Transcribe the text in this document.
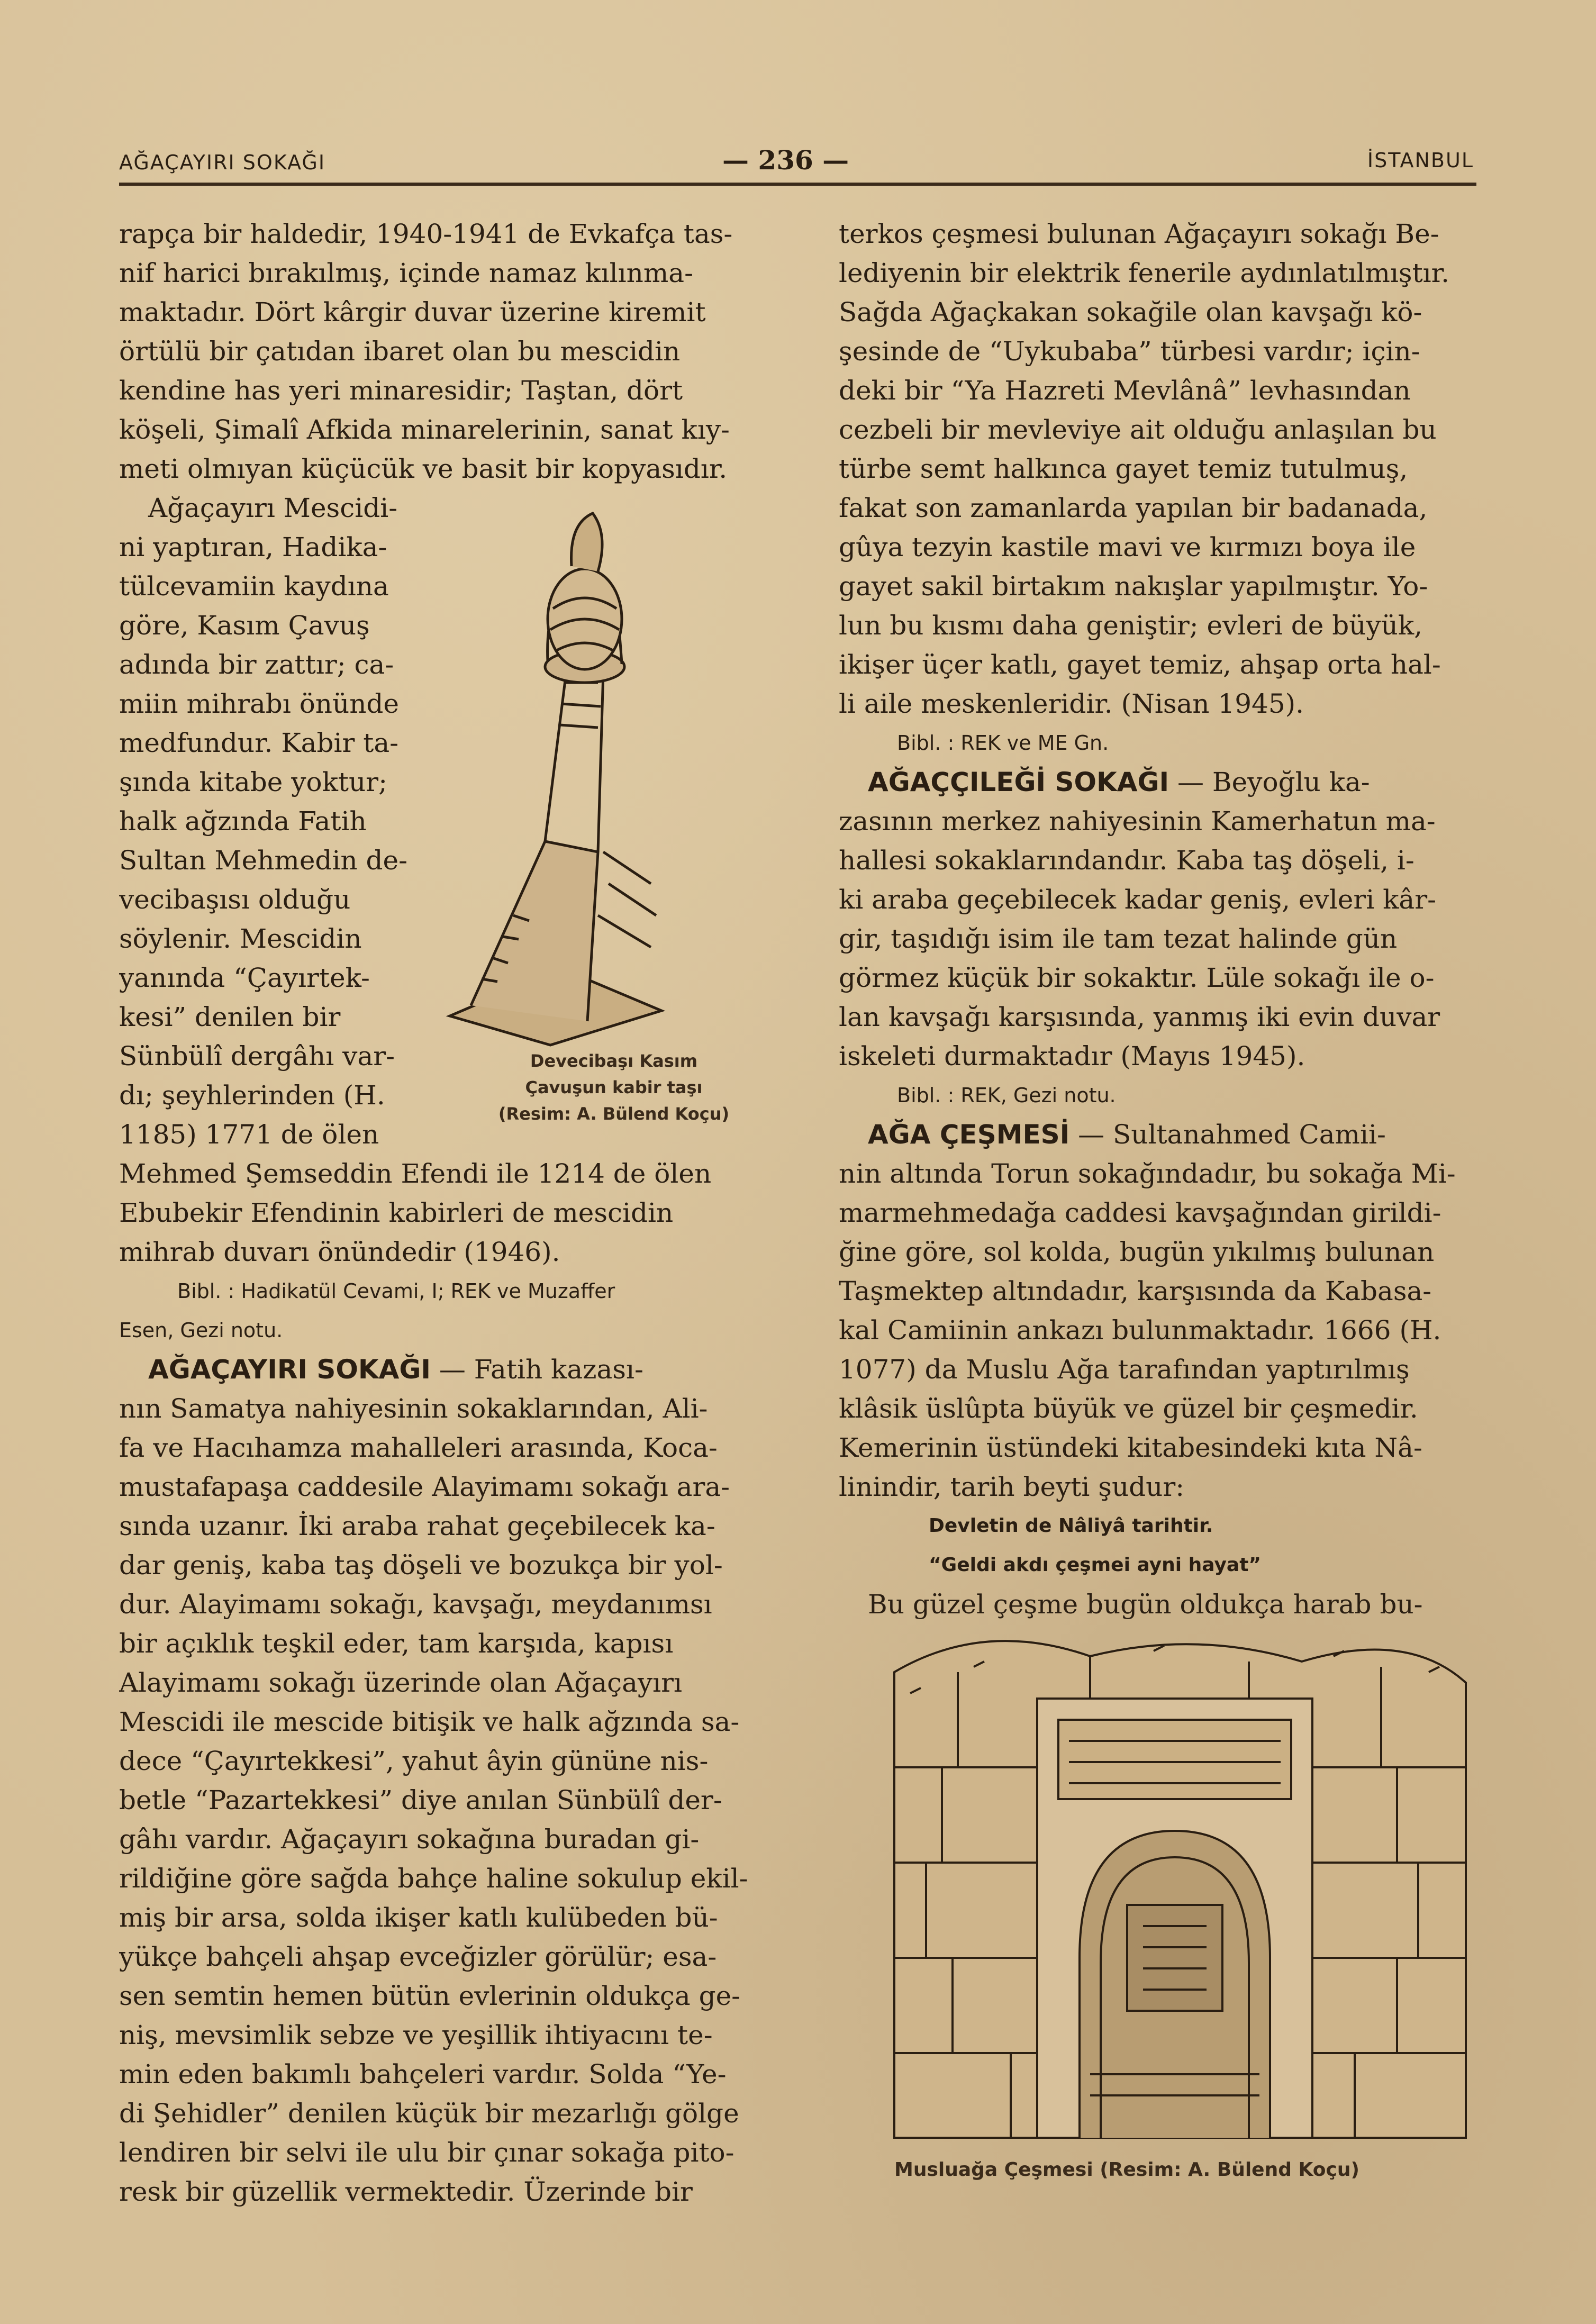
AĞAÇAYIRI SOKAĞI	— 236 —	İSTANBUL
rapça bir haldedir, 1940-1941 de Evkafça tas-
nif harici bırakılmış, içinde namaz kılınma-
maktadır. Dört kârgir duvar üzerine kiremit
örtülü bir çatıdan ibaret olan bu mescidin
kendine has yeri minaresidir; Taştan, dört
köşeli, Şimalî Afkida minarelerinin, sanat kıy-
meti olmıyan küçücük ve basit bir kopyasıdır.
Ağaçayırı Mescidi-
ni yaptıran, Hadika-
tülcevamiin kaydına
göre, Kasım Çavuş
adında bir zattır; ca-
miin mihrabı önünde
medfundur. Kabir ta-
şında kitabe yoktur;
halk ağzında Fatih
Sultan Mehmedin de-
vecibaşısı olduğu
söylenir. Mescidin
yanında “Çayırtek-
kesi” denilen bir
Sünbülî dergâhı var-
dı; şeyhlerinden (H.
1185) 1771 de ölen
Mehmed Şemseddin Efendi ile 1214 de ölen
Ebubekir Efendinin kabirleri de mescidin
mihrab duvarı önündedir (1946).
Bibl. : Hadikatül Cevami, I; REK ve Muzaffer
Esen, Gezi notu.
AĞAÇAYIRI SOKAĞI — Fatih kazası-
nın Samatya nahiyesinin sokaklarından, Ali-
fa ve Hacıhamza mahalleleri arasında, Koca-
mustafapaşa caddesile Alayimamı sokağı ara-
sında uzanır. İki araba rahat geçebilecek ka-
dar geniş, kaba taş döşeli ve bozukça bir yol-
dur. Alayimamı sokağı, kavşağı, meydanımsı
bir açıklık teşkil eder, tam karşıda, kapısı
Alayimamı sokağı üzerinde olan Ağaçayırı
Mescidi ile mescide bitişik ve halk ağzında sa-
dece “Çayırtekkesi”, yahut âyin gününe nis-
betle “Pazartekkesi” diye anılan Sünbülî der-
gâhı vardır. Ağaçayırı sokağına buradan gi-
rildiğine göre sağda bahçe haline sokulup ekil-
miş bir arsa, solda ikişer katlı kulübeden bü-
yükçe bahçeli ahşap evceğizler görülür; esa-
sen semtin hemen bütün evlerinin oldukça ge-
niş, mevsimlik sebze ve yeşillik ihtiyacını te-
min eden bakımlı bahçeleri vardır. Solda “Ye-
di Şehidler” denilen küçük bir mezarlığı gölge
lendiren bir selvi ile ulu bir çınar sokağa pito-
resk bir güzellik vermektedir. Üzerinde bir
Devecibaşı Kasım
Çavuşun kabir taşı
(Resim: A. Bülend Koçu)
terkos çeşmesi bulunan Ağaçayırı sokağı Be-
lediyenin bir elektrik fenerile aydınlatılmıştır.
Sağda Ağaçkakan sokağile olan kavşağı kö-
şesinde de “Uykubaba” türbesi vardır; için-
deki bir “Ya Hazreti Mevlânâ” levhasından
cezbeli bir mevleviye ait olduğu anlaşılan bu
türbe semt halkınca gayet temiz tutulmuş,
fakat son zamanlarda yapılan bir badanada,
gûya tezyin kastile mavi ve kırmızı boya ile
gayet sakil birtakım nakışlar yapılmıştır. Yo-
lun bu kısmı daha geniştir; evleri de büyük,
ikişer üçer katlı, gayet temiz, ahşap orta hal-
li aile meskenleridir. (Nisan 1945).
Bibl. : REK ve ME Gn.
AĞAÇÇILEĞİ SOKAĞI — Beyoğlu ka-
zasının merkez nahiyesinin Kamerhatun ma-
hallesi sokaklarındandır. Kaba taş döşeli, i-
ki araba geçebilecek kadar geniş, evleri kâr-
gir, taşıdığı isim ile tam tezat halinde gün
görmez küçük bir sokaktır. Lüle sokağı ile o-
lan kavşağı karşısında, yanmış iki evin duvar
iskeleti durmaktadır (Mayıs 1945).
Bibl. : REK, Gezi notu.
AĞA ÇEŞMESİ — Sultanahmed Camii-
nin altında Torun sokağındadır, bu sokağa Mi-
marmehmedağa caddesi kavşağından girildi-
ğine göre, sol kolda, bugün yıkılmış bulunan
Taşmektep altındadır, karşısında da Kabasa-
kal Camiinin ankazı bulunmaktadır. 1666 (H.
1077) da Muslu Ağa tarafından yaptırılmış
klâsik üslûpta büyük ve güzel bir çeşmedir.
Kemerinin üstündeki kitabesindeki kıta Nâ-
linindir, tarih beyti şudur:
Devletin de Nâliyâ tarihtir.
“Geldi akdı çeşmei ayni hayat”
Bu güzel çeşme bugün oldukça harab bu-
Musluağa Çeşmesi (Resim: A. Bülend Koçu)
